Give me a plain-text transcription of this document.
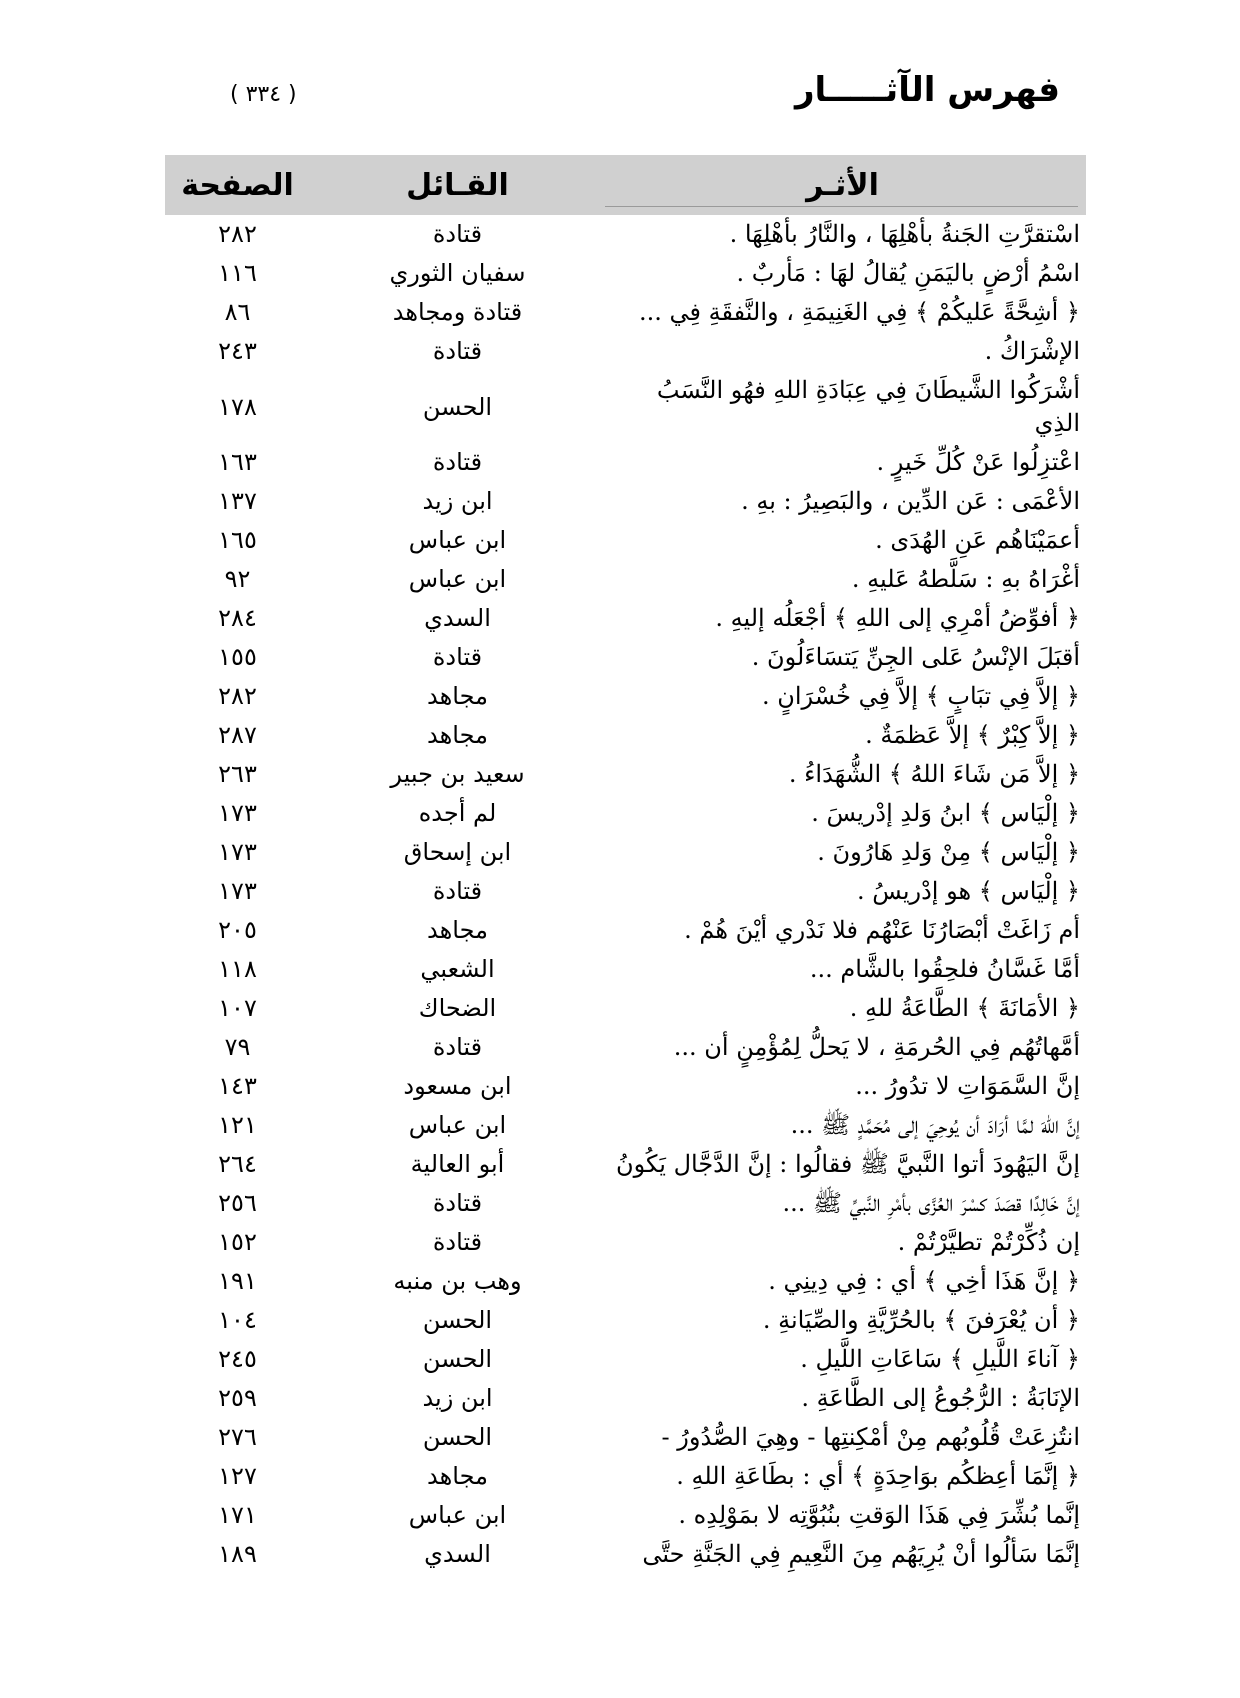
فهرس الآثـــــار
( ٣٣٤ )
الأثـر	القـائل	الصفحة
اسْتقرَّتِ الجَنةُ بأهْلِهَا ، والنَّارُ بأهْلِهَا .	قتادة	٢٨٢
اسْمُ أرْضٍ باليَمَنِ يُقالُ لهَا : مَأربٌ .	سفيان الثوري	١١٦
﴿ أشِحَّةً عَليكُمْ ﴾ فِي الغَنِيمَةِ ، والنَّفقَةِ فِي ...	قتادة ومجاهد	٨٦
الإشْرَاكُ .	قتادة	٢٤٣
أشْرَكُوا الشَّيطَانَ فِي عِبَادَةِ اللهِ فهُو النَّسَبُ الذِي	الحسن	١٧٨
اعْتزِلُوا عَنْ كُلِّ خَيرٍ .	قتادة	١٦٣
الأعْمَى : عَن الدِّين ، والبَصِيرُ : بهِ .	ابن زيد	١٣٧
أعمَيْنَاهُم عَنِ الهُدَى .	ابن عباس	١٦٥
أغْرَاهُ بهِ : سَلَّطهُ عَليهِ .	ابن عباس	٩٢
﴿ أفوِّضُ أمْرِي إلى اللهِ ﴾ أجْعَلُه إليهِ .	السدي	٢٨٤
أقبَلَ الإنْسُ عَلى الجِنِّ يَتسَاءَلُونَ .	قتادة	١٥٥
﴿ إلاَّ فِي تبَابٍ ﴾ إلاَّ فِي خُسْرَانٍ .	مجاهد	٢٨٢
﴿ إلاَّ كِبْرٌ ﴾ إلاَّ عَظمَةٌ .	مجاهد	٢٨٧
﴿ إلاَّ مَن شَاءَ اللهُ ﴾ الشُّهَدَاءُ .	سعيد بن جبير	٢٦٣
﴿ إلْيَاس ﴾ ابنُ وَلدِ إدْريسَ .	لم أجده	١٧٣
﴿ إلْيَاس ﴾ مِنْ وَلدِ هَارُونَ .	ابن إسحاق	١٧٣
﴿ إلْيَاس ﴾ هو إدْريسُ .	قتادة	١٧٣
أم زَاغَتْ أبْصَارُنَا عَنْهُم فلا نَدْري أيْنَ هُمْ .	مجاهد	٢٠٥
أمَّا غَسَّانُ فلحِقُوا بالشَّام ...	الشعبي	١١٨
﴿ الأمَانَةَ ﴾ الطَّاعَةُ للهِ .	الضحاك	١٠٧
أمَّهاتُهُم فِي الحُرمَةِ ، لا يَحلُّ لِمُؤْمِنٍ أن ...	قتادة	٧٩
إنَّ السَّمَوَاتِ لا تدُورُ ...	ابن مسعود	١٤٣
إنَّ اللهَ لمَّا أرَادَ أن يُوحِيَ إلى مُحَمَّدٍ ﷺ ...	ابن عباس	١٢١
إنَّ اليَهُودَ أتوا النَّبيَّ ﷺ فقالُوا : إنَّ الدَّجَّال يَكُونُ	أبو العالية	٢٦٤
إنَّ خَالِدًا قصَدَ كسْرَ العُزَّى بأمْرِ النَّبيِّ ﷺ ...	قتادة	٢٥٦
إن ذُكِّرْتُمْ تطيَّرْتُمْ .	قتادة	١٥٢
﴿ إنَّ هَذَا أخِي ﴾ أي : فِي دِينِي .	وهب بن منبه	١٩١
﴿ أن يُعْرَفنَ ﴾ بالحُرِّيَّةِ والصِّيَانةِ .	الحسن	١٠٤
﴿ آناءَ اللَّيلِ ﴾ سَاعَاتِ اللَّيلِ .	الحسن	٢٤٥
الإنَابَةُ : الرُّجُوعُ إلى الطَّاعَةِ .	ابن زيد	٢٥٩
انتُزِعَتْ قُلُوبُهم مِنْ أمْكِنتِها - وهِيَ الصُّدُورُ -	الحسن	٢٧٦
﴿ إنَّمَا أعِظكُم بوَاحِدَةٍ ﴾ أي : بطَاعَةِ اللهِ .	مجاهد	١٢٧
إنَّما بُشِّرَ فِي هَذَا الوَقتِ بنُبُوَّتِه لا بمَوْلِدِه .	ابن عباس	١٧١
إنَّمَا سَألُوا أنْ يُرِيَهُم مِنَ النَّعِيمِ فِي الجَنَّةِ حتَّى	السدي	١٨٩
